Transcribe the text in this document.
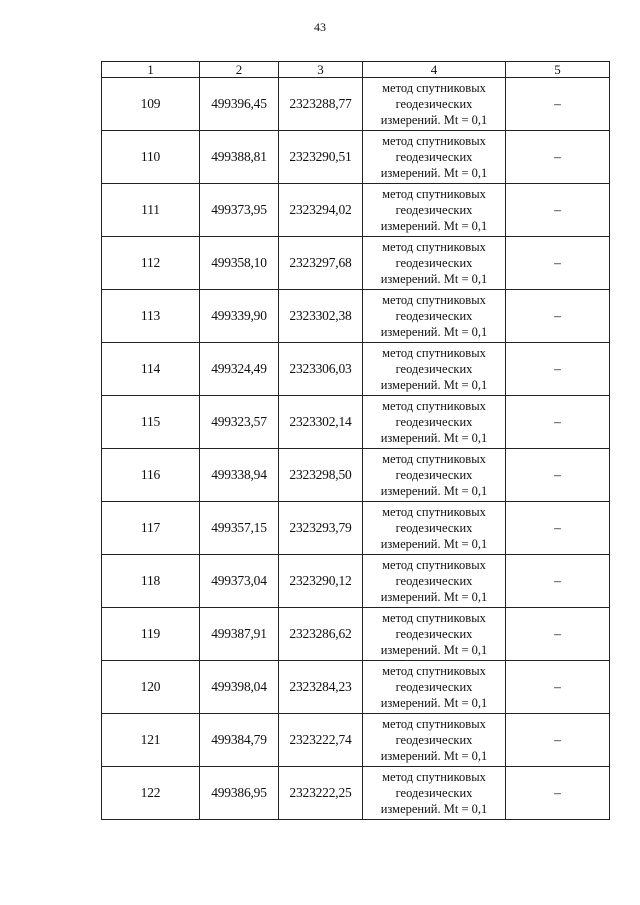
43
1	2	3	4	5
109	499396,45	2323288,77	метод спутниковых
геодезических
измерений. Mt = 0,1	–
110	499388,81	2323290,51	метод спутниковых
геодезических
измерений. Mt = 0,1	–
111	499373,95	2323294,02	метод спутниковых
геодезических
измерений. Mt = 0,1	–
112	499358,10	2323297,68	метод спутниковых
геодезических
измерений. Mt = 0,1	–
113	499339,90	2323302,38	метод спутниковых
геодезических
измерений. Mt = 0,1	–
114	499324,49	2323306,03	метод спутниковых
геодезических
измерений. Mt = 0,1	–
115	499323,57	2323302,14	метод спутниковых
геодезических
измерений. Mt = 0,1	–
116	499338,94	2323298,50	метод спутниковых
геодезических
измерений. Mt = 0,1	–
117	499357,15	2323293,79	метод спутниковых
геодезических
измерений. Mt = 0,1	–
118	499373,04	2323290,12	метод спутниковых
геодезических
измерений. Mt = 0,1	–
119	499387,91	2323286,62	метод спутниковых
геодезических
измерений. Mt = 0,1	–
120	499398,04	2323284,23	метод спутниковых
геодезических
измерений. Mt = 0,1	–
121	499384,79	2323222,74	метод спутниковых
геодезических
измерений. Mt = 0,1	–
122	499386,95	2323222,25	метод спутниковых
геодезических
измерений. Mt = 0,1	–
